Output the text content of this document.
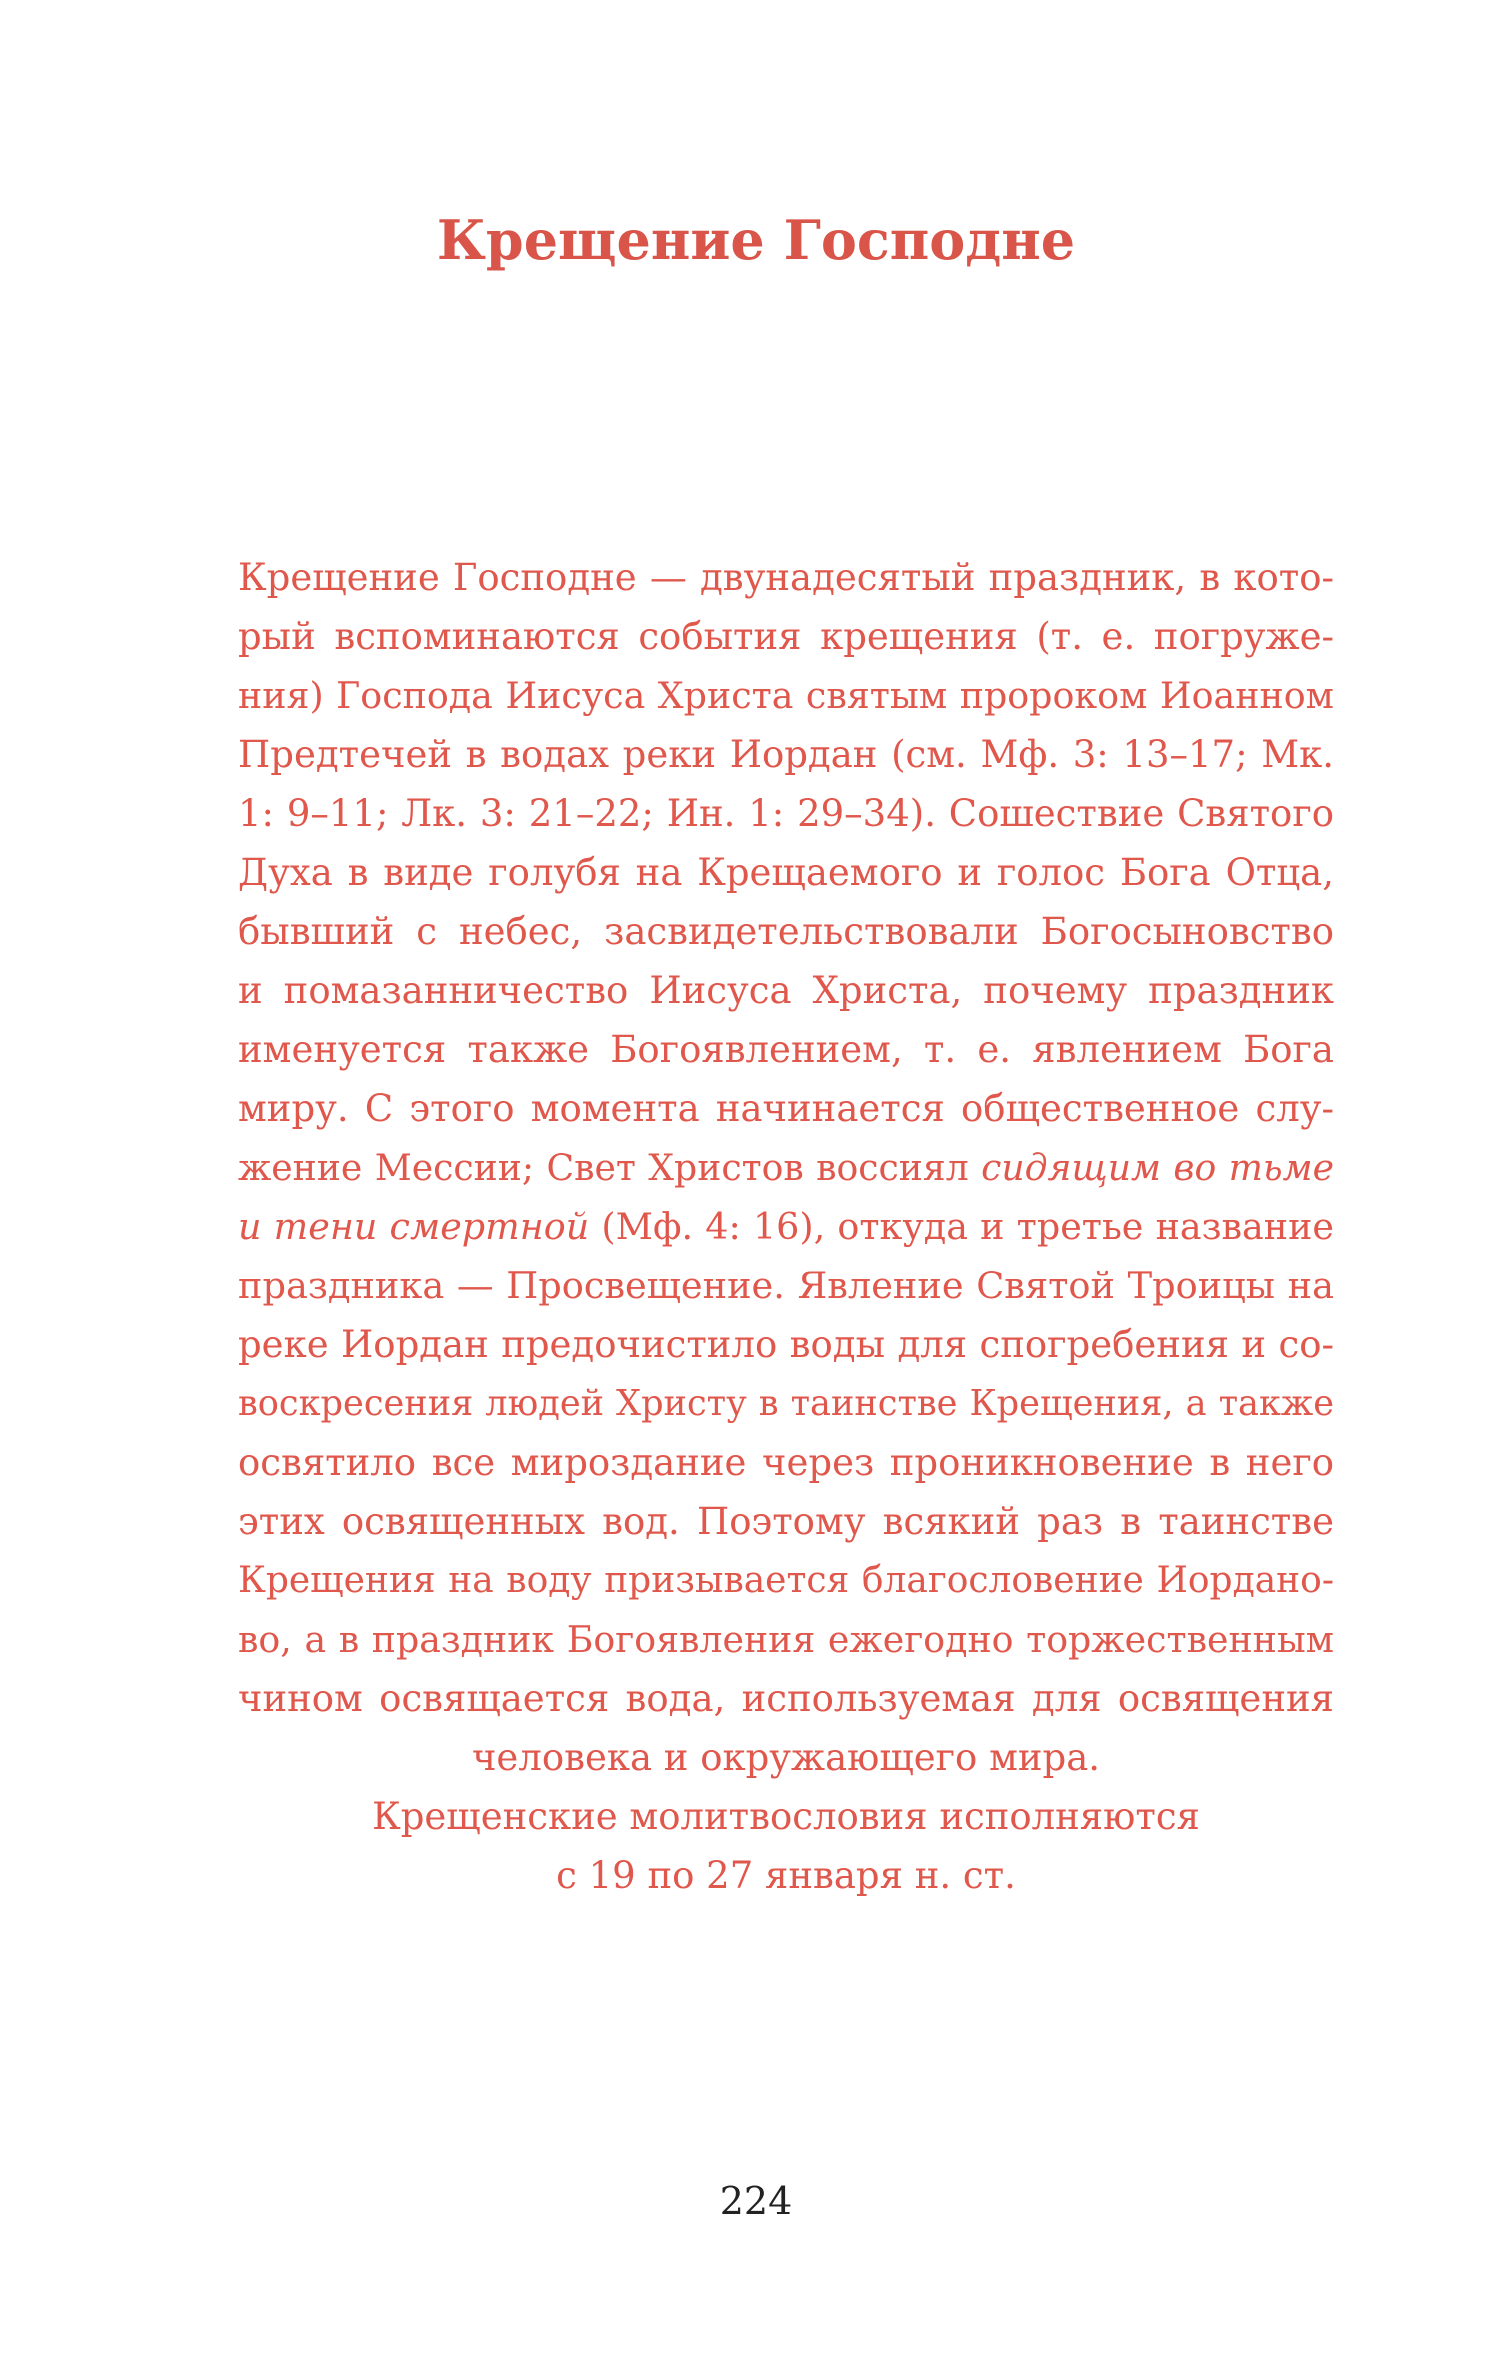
Крещение Господне
Крещение Господне — двунадесятый праздник, в кото-
рый вспоминаются события крещения (т. е. погруже-
ния) Господа Иисуса Христа святым пророком Иоанном
Предтечей в водах реки Иордан (см. Мф. 3: 13–17; Мк.
1: 9–11; Лк. 3: 21–22; Ин. 1: 29–34). Сошествие Святого
Духа в виде голубя на Крещаемого и голос Бога Отца,
бывший с небес, засвидетельствовали Богосыновство
и помазанничество Иисуса Христа, почему праздник
именуется также Богоявлением, т. е. явлением Бога
миру. С этого момента начинается общественное слу-
жение Мессии; Свет Христов воссиял сидящим во тьме
и тени смертной (Мф. 4: 16), откуда и третье название
праздника — Просвещение. Явление Святой Троицы на
реке Иордан предочистило воды для спогребения и со-
воскресения людей Христу в таинстве Крещения, а также
освятило все мироздание через проникновение в него
этих освященных вод. Поэтому всякий раз в таинстве
Крещения на воду призывается благословение Иордано-
во, а в праздник Богоявления ежегодно торжественным
чином освящается вода, используемая для освящения
человека и окружающего мира.
Крещенские молитвословия исполняются
с 19 по 27 января н. ст.
224
